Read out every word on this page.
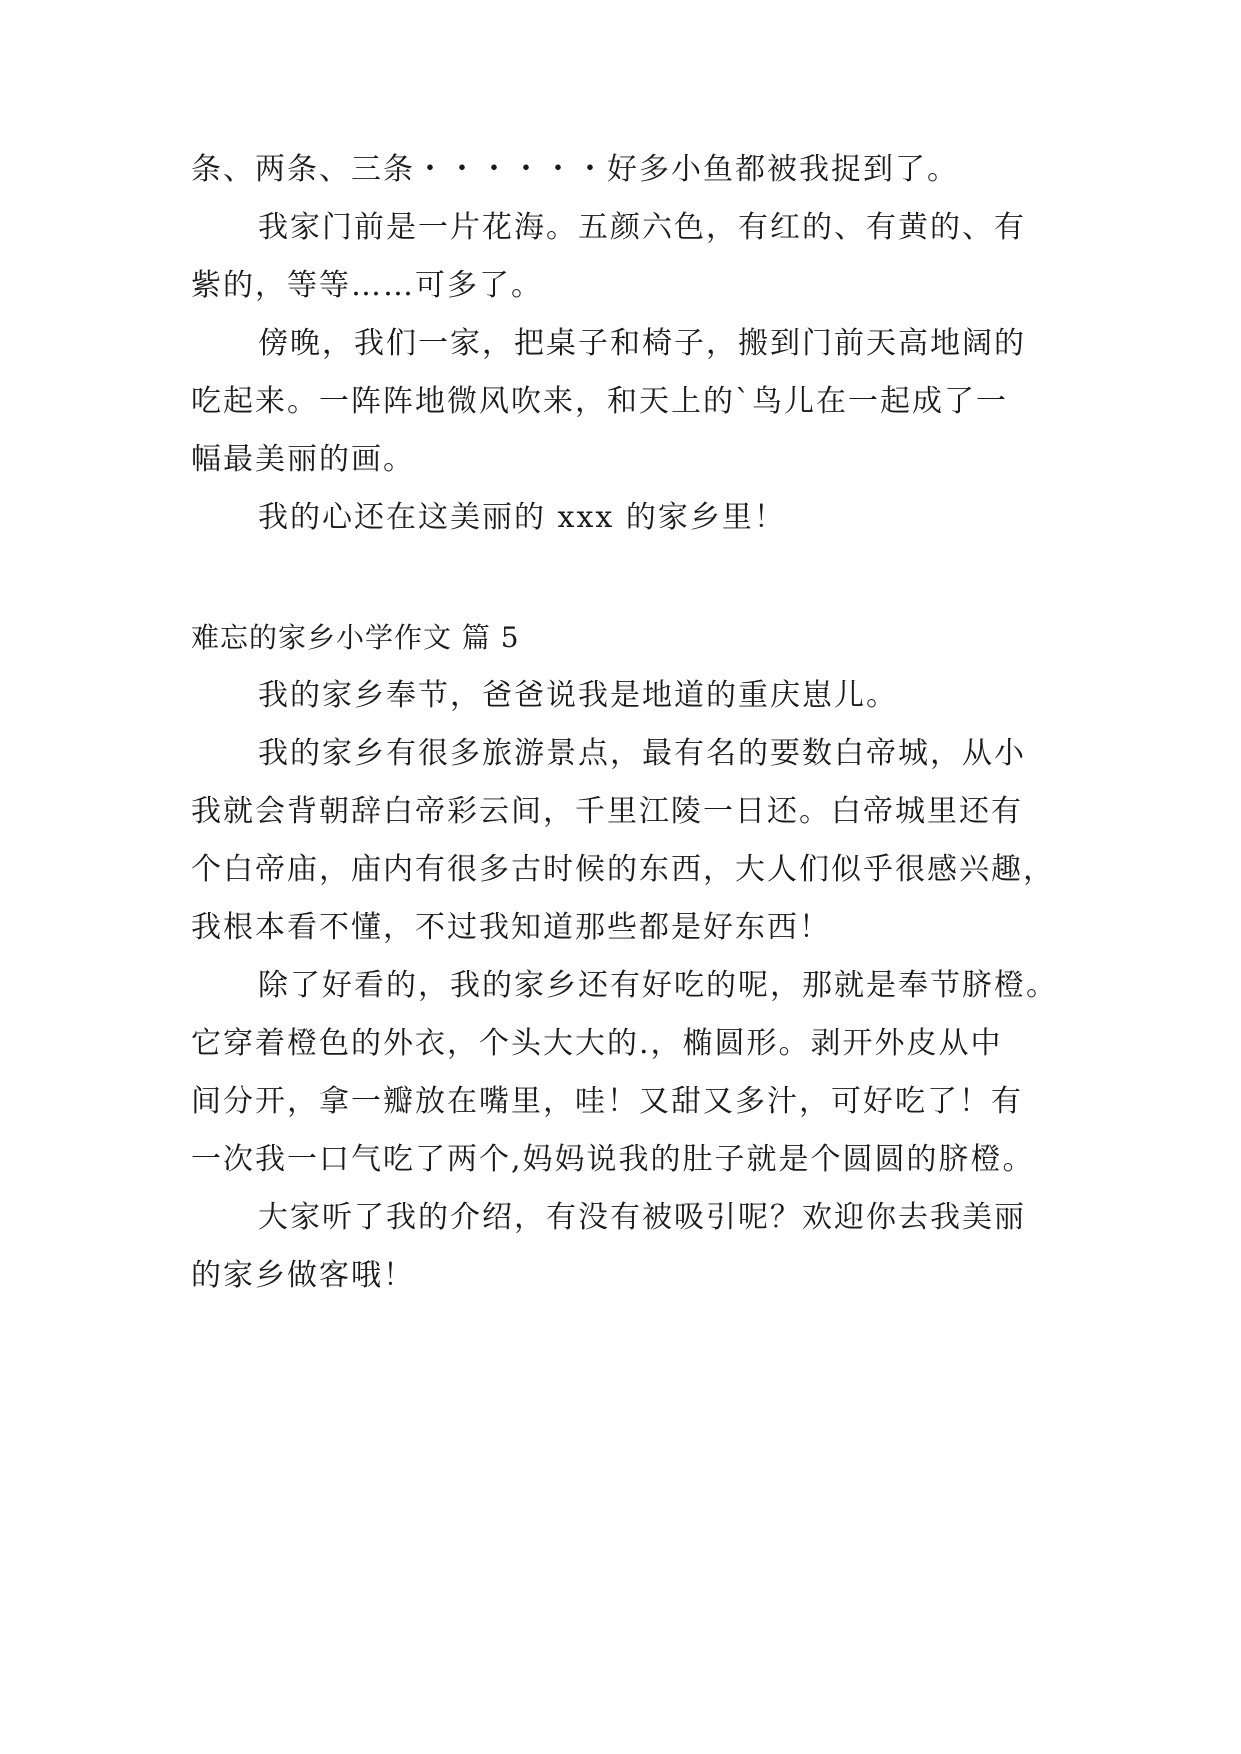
条、两条、三条・・・・・・好多小鱼都被我捉到了。
我家门前是一片花海。五颜六色，有红的、有黄的、有
紫的，等等……可多了。
傍晚，我们一家，把桌子和椅子，搬到门前天高地阔的
吃起来。一阵阵地微风吹来，和天上的`鸟儿在一起成了一
幅最美丽的画。
我的心还在这美丽的 xxx 的家乡里！
难忘的家乡小学作文 篇 5
我的家乡奉节，爸爸说我是地道的重庆崽儿。
我的家乡有很多旅游景点，最有名的要数白帝城，从小
我就会背朝辞白帝彩云间，千里江陵一日还。白帝城里还有
个白帝庙，庙内有很多古时候的东西，大人们似乎很感兴趣，
我根本看不懂，不过我知道那些都是好东西！
除了好看的，我的家乡还有好吃的呢，那就是奉节脐橙。
它穿着橙色的外衣，个头大大的.，椭圆形。剥开外皮从中
间分开，拿一瓣放在嘴里，哇！又甜又多汁，可好吃了！有
一次我一口气吃了两个,妈妈说我的肚子就是个圆圆的脐橙。
大家听了我的介绍，有没有被吸引呢？欢迎你去我美丽
的家乡做客哦！
